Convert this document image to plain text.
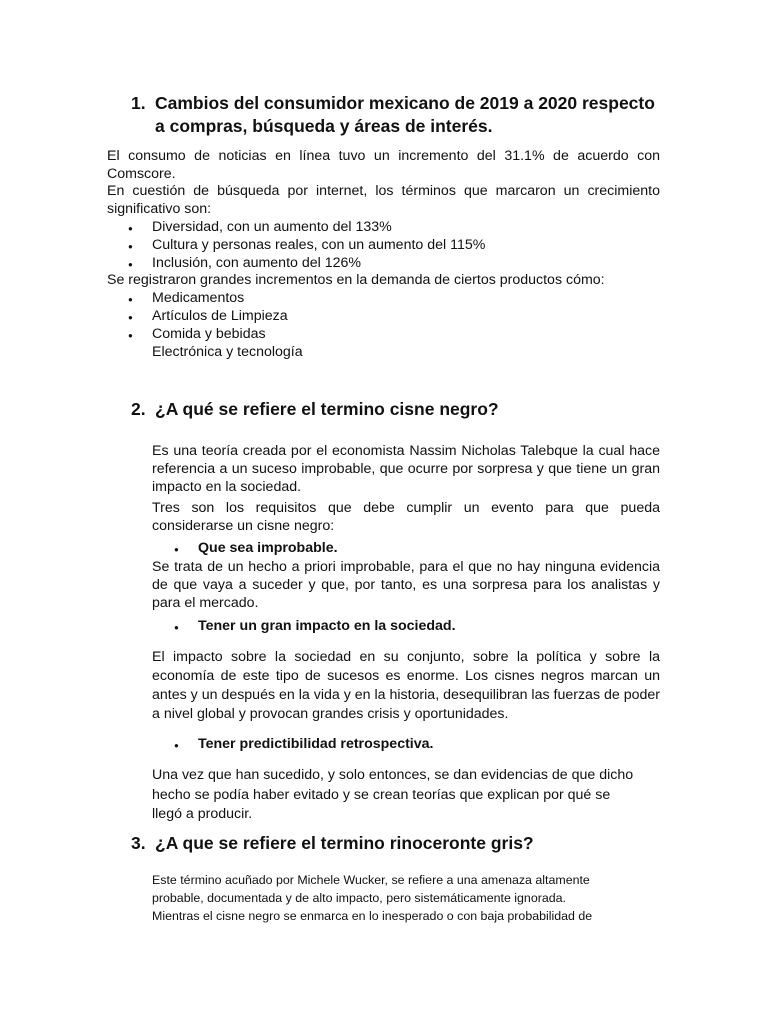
1. Cambios del consumidor mexicano de 2019 a 2020 respecto
a compras, búsqueda y áreas de interés.
El consumo de noticias en línea tuvo un incremento del 31.1% de acuerdo con Comscore.
En cuestión de búsqueda por internet, los términos que marcaron un crecimiento significativo son:
● Diversidad, con un aumento del 133%
● Cultura y personas reales, con un aumento del 115%
● Inclusión, con aumento del 126%
Se registraron grandes incrementos en la demanda de ciertos productos cómo:
● Medicamentos
● Artículos de Limpieza
● Comida y bebidas
Electrónica y tecnología
2. ¿A qué se refiere el termino cisne negro?
Es una teoría creada por el economista Nassim Nicholas Talebque la cual hace referencia a un suceso improbable, que ocurre por sorpresa y que tiene un gran impacto en la sociedad.
Tres son los requisitos que debe cumplir un evento para que pueda considerarse un cisne negro:
● Que sea improbable.
Se trata de un hecho a priori improbable, para el que no hay ninguna evidencia de que vaya a suceder y que, por tanto, es una sorpresa para los analistas y para el mercado.
● Tener un gran impacto en la sociedad.
El impacto sobre la sociedad en su conjunto, sobre la política y sobre la economía de este tipo de sucesos es enorme. Los cisnes negros marcan un antes y un después en la vida y en la historia, desequilibran las fuerzas de poder a nivel global y provocan grandes crisis y oportunidades.
● Tener predictibilidad retrospectiva.
Una vez que han sucedido, y solo entonces, se dan evidencias de que dicho hecho se podía haber evitado y se crean teorías que explican por qué se llegó a producir.
3. ¿A que se refiere el termino rinoceronte gris?
Este término acuñado por Michele Wucker, se refiere a una amenaza altamente
probable, documentada y de alto impacto, pero sistemáticamente ignorada.
Mientras el cisne negro se enmarca en lo inesperado o con baja probabilidad de
